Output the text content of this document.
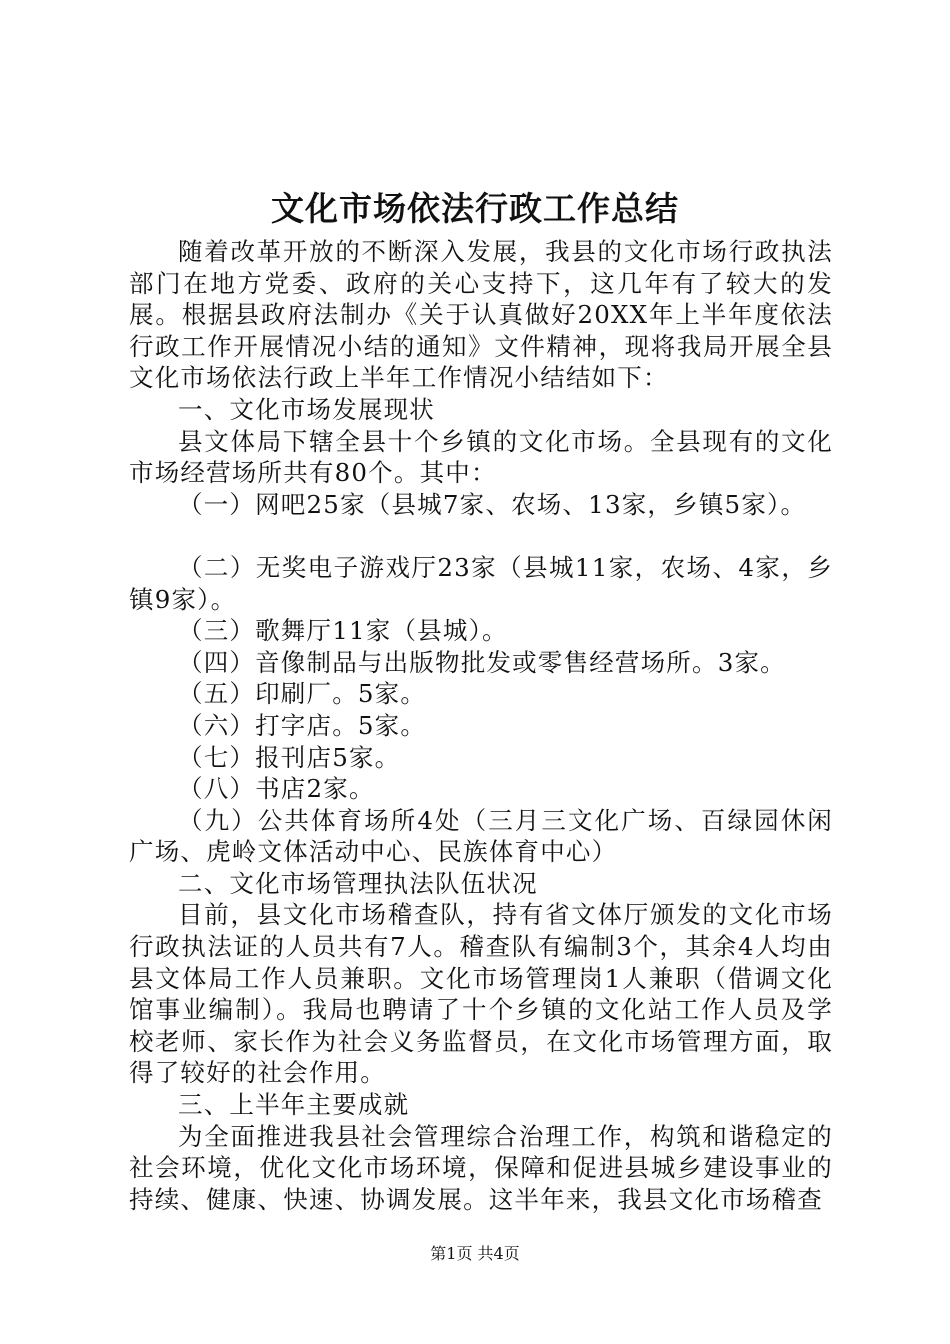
文化市场依法行政工作总结

随着改革开放的不断深入发展，我县的文化市场行政执法部门在地方党委、政府的关心支持下，这几年有了较大的发展。根据县政府法制办《关于认真做好20XX年上半年度依法行政工作开展情况小结的通知》文件精神，现将我局开展全县文化市场依法行政上半年工作情况小结结如下：

一、文化市场发展现状

县文体局下辖全县十个乡镇的文化市场。全县现有的文化市场经营场所共有80个。其中：

（一）网吧25家（县城7家、农场、13家，乡镇5家）。

（二）无奖电子游戏厅23家（县城11家，农场、4家，乡镇9家）。

（三）歌舞厅11家（县城）。

（四）音像制品与出版物批发或零售经营场所。3家。

（五）印刷厂。5家。

（六）打字店。5家。

（七）报刊店5家。

（八）书店2家。

（九）公共体育场所4处（三月三文化广场、百绿园休闲广场、虎岭文体活动中心、民族体育中心）

二、文化市场管理执法队伍状况

目前，县文化市场稽查队，持有省文体厅颁发的文化市场行政执法证的人员共有7人。稽查队有编制3个，其余4人均由县文体局工作人员兼职。文化市场管理岗1人兼职（借调文化馆事业编制）。我局也聘请了十个乡镇的文化站工作人员及学校老师、家长作为社会义务监督员，在文化市场管理方面，取得了较好的社会作用。

三、上半年主要成就

为全面推进我县社会管理综合治理工作，构筑和谐稳定的社会环境，优化文化市场环境，保障和促进县城乡建设事业的持续、健康、快速、协调发展。这半年来，我县文化市场稽查

第1页 共4页
